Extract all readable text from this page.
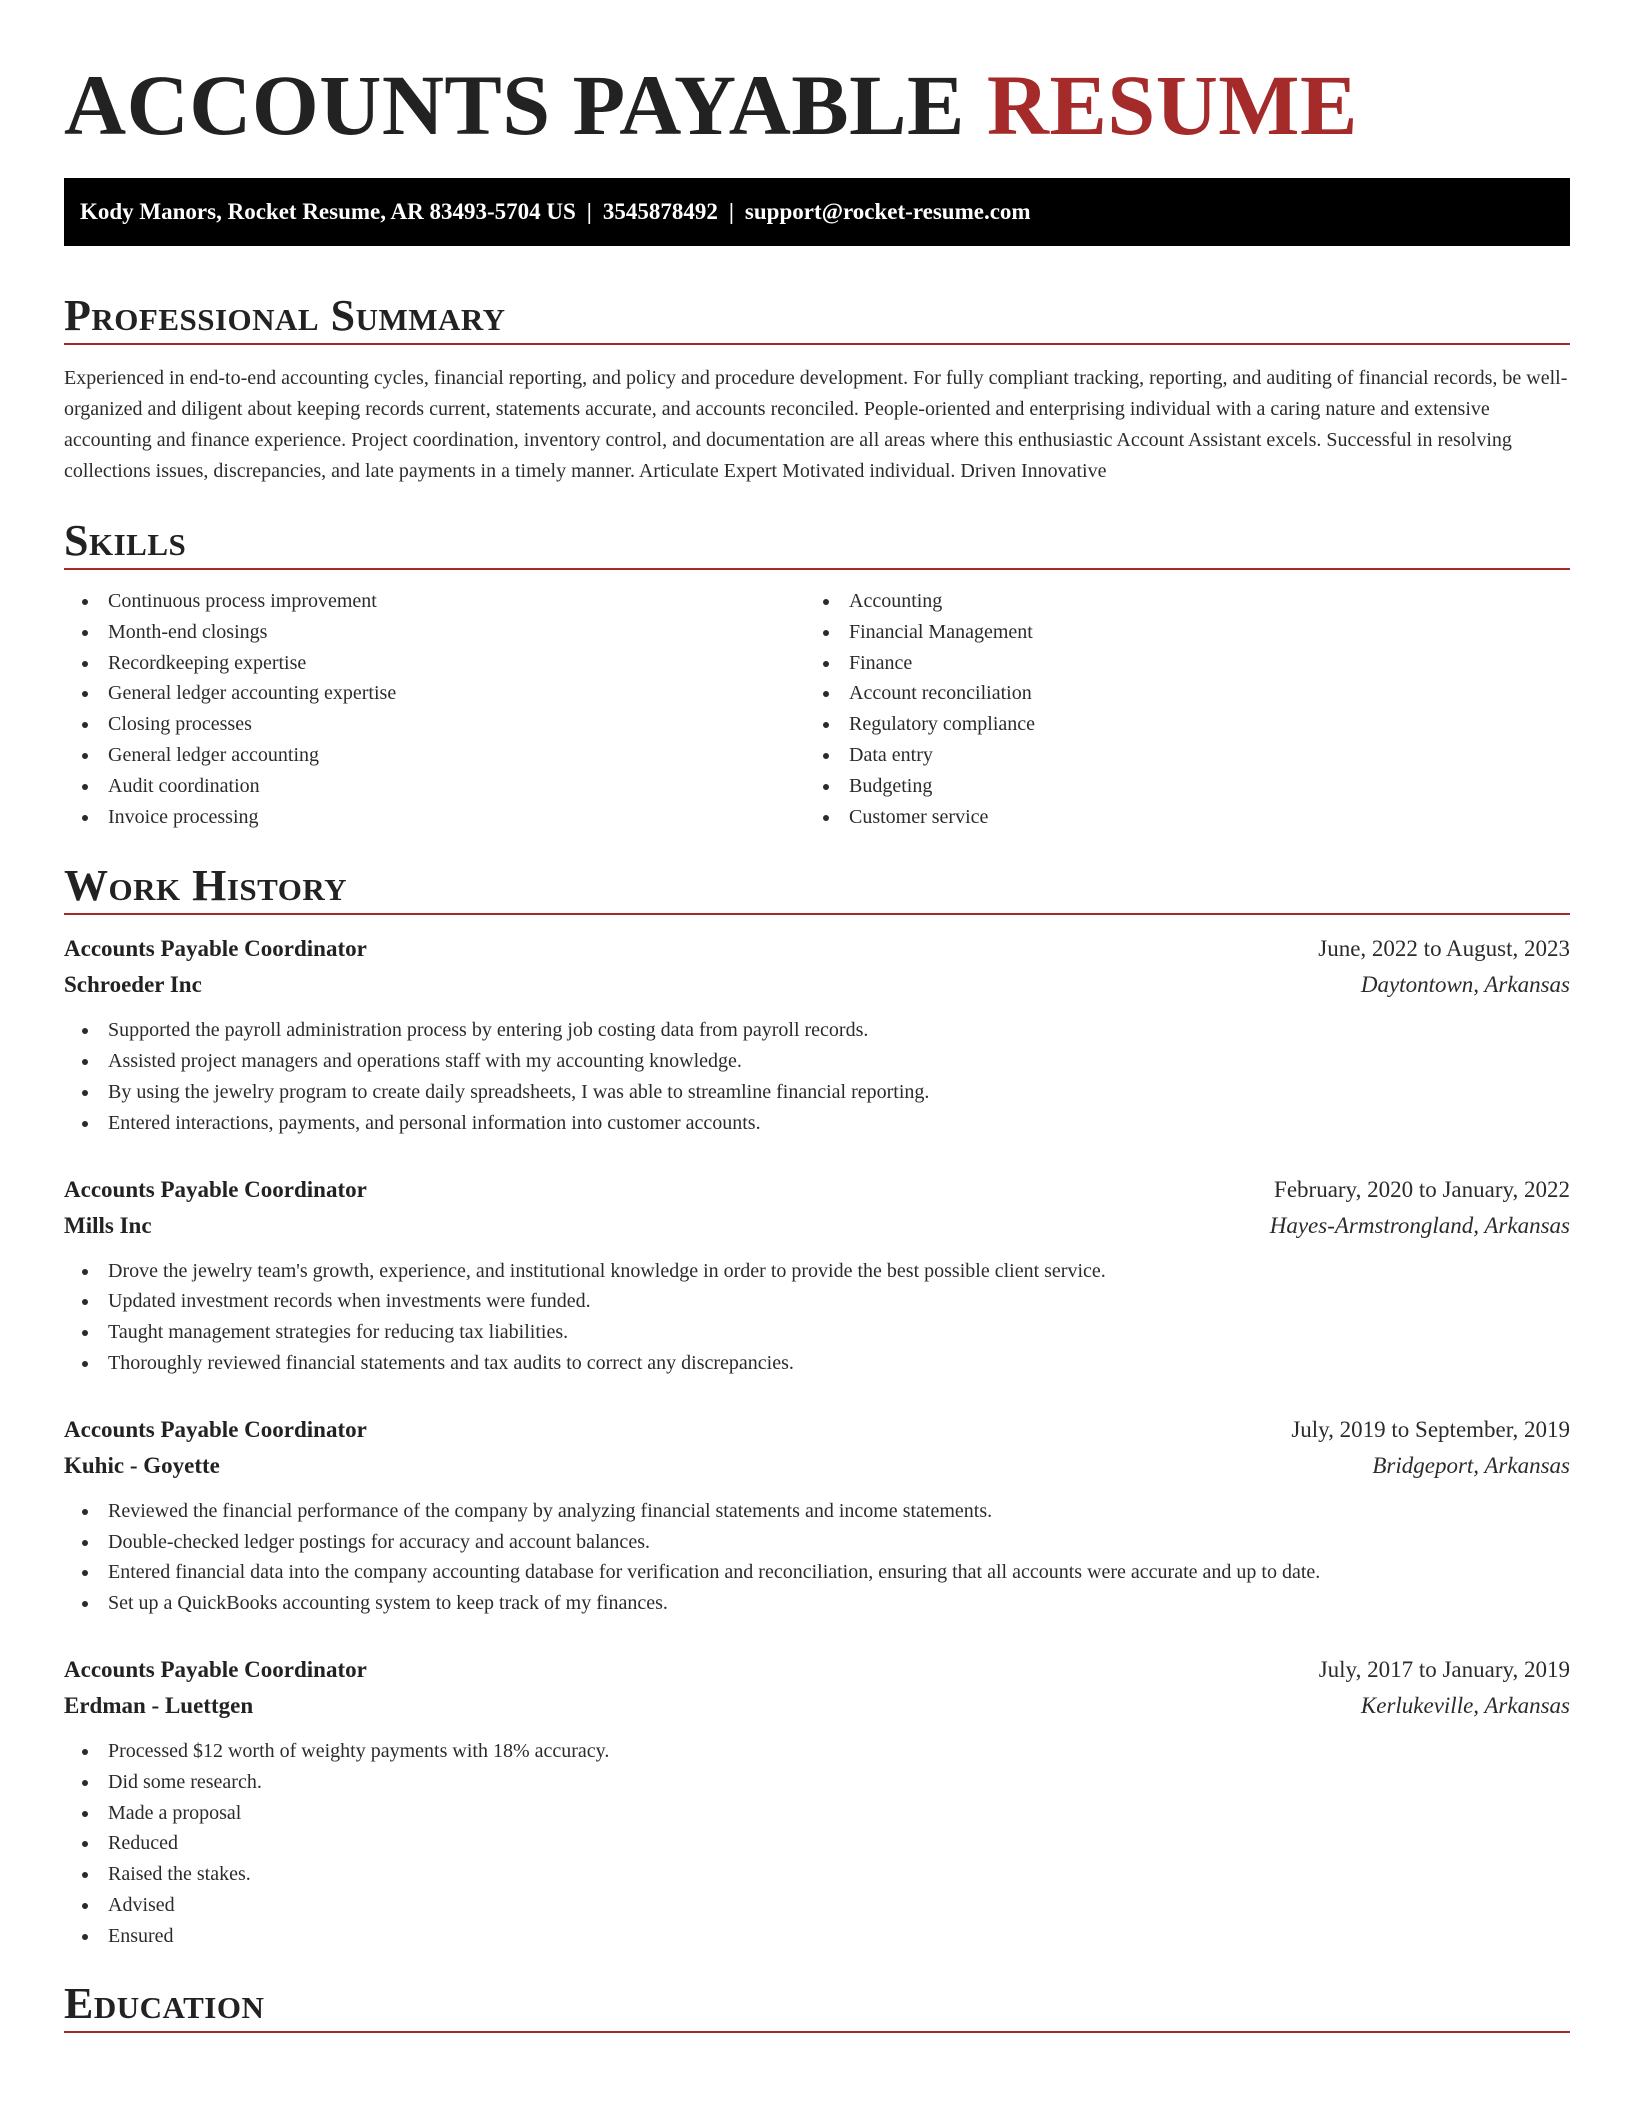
ACCOUNTS PAYABLE RESUME
Kody Manors, Rocket Resume, AR 83493-5704 US | 3545878492 | support@rocket-resume.com
Professional Summary

Experienced in end-to-end accounting cycles, financial reporting, and policy and procedure development. For fully compliant tracking, reporting, and auditing of financial records, be well-organized and diligent about keeping records current, statements accurate, and accounts reconciled. People-oriented and enterprising individual with a caring nature and extensive accounting and finance experience. Project coordination, inventory control, and documentation are all areas where this enthusiastic Account Assistant excels. Successful in resolving collections issues, discrepancies, and late payments in a timely manner. Articulate Expert Motivated individual. Driven Innovative

Skills
Continuous process improvement
Month-end closings
Recordkeeping expertise
General ledger accounting expertise
Closing processes
General ledger accounting
Audit coordination
Invoice processing
Accounting
Financial Management
Finance
Account reconciliation
Regulatory compliance
Data entry
Budgeting
Customer service
Work History
Accounts Payable Coordinator	June, 2022 to August, 2023
Schroeder Inc	Daytontown, Arkansas
Supported the payroll administration process by entering job costing data from payroll records.
Assisted project managers and operations staff with my accounting knowledge.
By using the jewelry program to create daily spreadsheets, I was able to streamline financial reporting.
Entered interactions, payments, and personal information into customer accounts.
Accounts Payable Coordinator	February, 2020 to January, 2022
Mills Inc	Hayes-Armstrongland, Arkansas
Drove the jewelry team's growth, experience, and institutional knowledge in order to provide the best possible client service.
Updated investment records when investments were funded.
Taught management strategies for reducing tax liabilities.
Thoroughly reviewed financial statements and tax audits to correct any discrepancies.
Accounts Payable Coordinator	July, 2019 to September, 2019
Kuhic - Goyette	Bridgeport, Arkansas
Reviewed the financial performance of the company by analyzing financial statements and income statements.
Double-checked ledger postings for accuracy and account balances.
Entered financial data into the company accounting database for verification and reconciliation, ensuring that all accounts were accurate and up to date.
Set up a QuickBooks accounting system to keep track of my finances.
Accounts Payable Coordinator	July, 2017 to January, 2019
Erdman - Luettgen	Kerlukeville, Arkansas
Processed $12 worth of weighty payments with 18% accuracy.
Did some research.
Made a proposal
Reduced
Raised the stakes.
Advised
Ensured
Education
